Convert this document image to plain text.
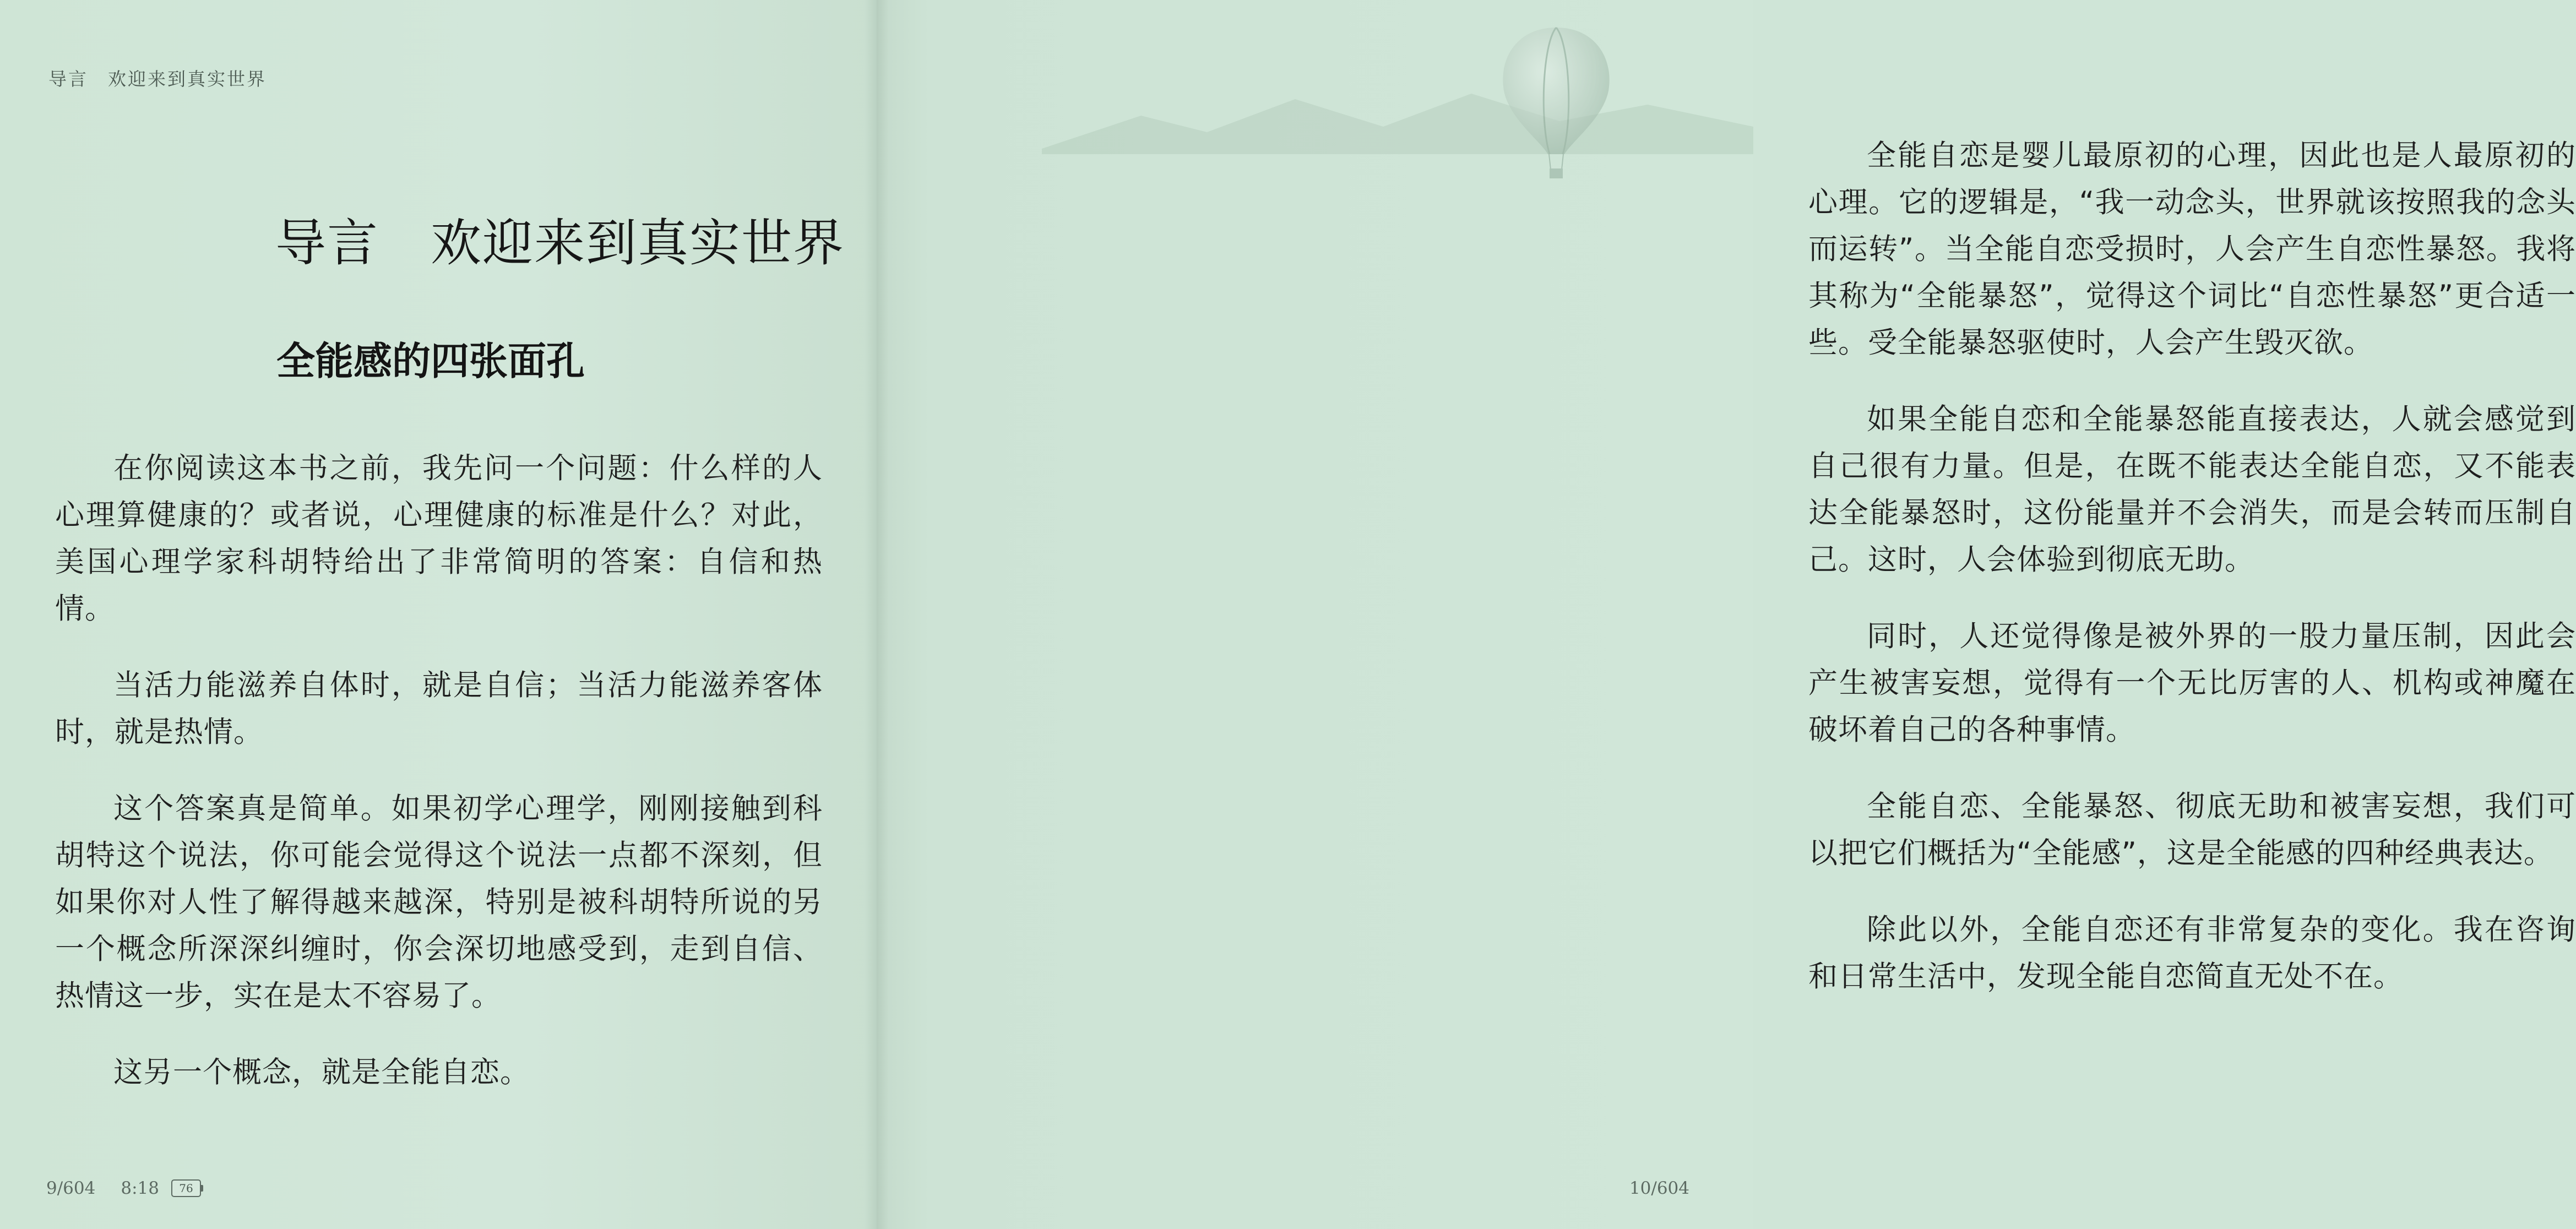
导言　欢迎来到真实世界
导言　欢迎来到真实世界
全能感的四张面孔

在你阅读这本书之前，我先问一个问题：什么样的人心理算健康的？或者说，心理健康的标准是什么？对此，美国心理学家科胡特给出了非常简明的答案：自信和热情。

当活力能滋养自体时，就是自信；当活力能滋养客体时，就是热情。

这个答案真是简单。如果初学心理学，刚刚接触到科胡特这个说法，你可能会觉得这个说法一点都不深刻，但如果你对人性了解得越来越深，特别是被科胡特所说的另一个概念所深深纠缠时，你会深切地感受到，走到自信、热情这一步，实在是太不容易了。

这另一个概念，就是全能自恋。

9/604 8:18	76

全能自恋是婴儿最原初的心理，因此也是人最原初的心理。它的逻辑是，“我一动念头，世界就该按照我的念头而运转”。当全能自恋受损时，人会产生自恋性暴怒。我将其称为“全能暴怒”，觉得这个词比“自恋性暴怒”更合适一些。受全能暴怒驱使时，人会产生毁灭欲。

如果全能自恋和全能暴怒能直接表达，人就会感觉到自己很有力量。但是，在既不能表达全能自恋，又不能表达全能暴怒时，这份能量并不会消失，而是会转而压制自己。这时，人会体验到彻底无助。

同时，人还觉得像是被外界的一股力量压制，因此会产生被害妄想，觉得有一个无比厉害的人、机构或神魔在破坏着自己的各种事情。

全能自恋、全能暴怒、彻底无助和被害妄想，我们可以把它们概括为“全能感”，这是全能感的四种经典表达。

除此以外，全能自恋还有非常复杂的变化。我在咨询和日常生活中，发现全能自恋简直无处不在。

10/604
